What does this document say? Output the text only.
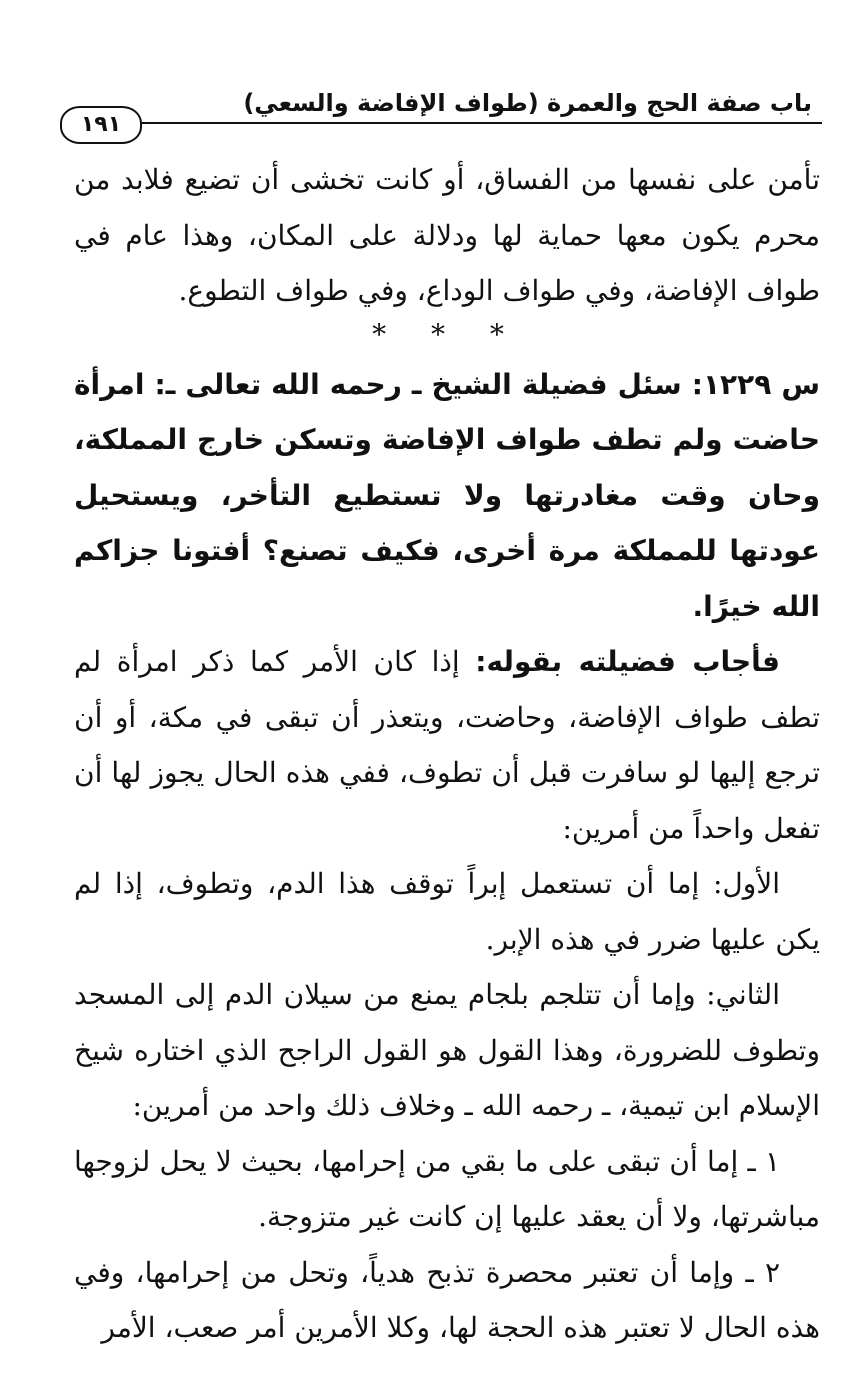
باب صفة الحج والعمرة (طواف الإفاضة والسعي)
١٩١

تأمن على نفسها من الفساق، أو كانت تخشى أن تضيع فلابد من محرم يكون معها حماية لها ودلالة على المكان، وهذا عام في طواف الإفاضة، وفي طواف الوداع، وفي طواف التطوع.

* * *

س ١٢٢٩: سئل فضيلة الشيخ ـ رحمه الله تعالى ـ: امرأة حاضت ولم تطف طواف الإفاضة وتسكن خارج المملكة، وحان وقت مغادرتها ولا تستطيع التأخر، ويستحيل عودتها للمملكة مرة أخرى، فكيف تصنع؟ أفتونا جزاكم الله خيرًا.

فأجاب فضيلته بقوله: إذا كان الأمر كما ذكر امرأة لم تطف طواف الإفاضة، وحاضت، ويتعذر أن تبقى في مكة، أو أن ترجع إليها لو سافرت قبل أن تطوف، ففي هذه الحال يجوز لها أن تفعل واحداً من أمرين:

الأول: إما أن تستعمل إبراً توقف هذا الدم، وتطوف، إذا لم يكن عليها ضرر في هذه الإبر.

الثاني: وإما أن تتلجم بلجام يمنع من سيلان الدم إلى المسجد وتطوف للضرورة، وهذا القول هو القول الراجح الذي اختاره شيخ الإسلام ابن تيمية، ـ رحمه الله ـ وخلاف ذلك واحد من أمرين:

١ ـ إما أن تبقى على ما بقي من إحرامها، بحيث لا يحل لزوجها مباشرتها، ولا أن يعقد عليها إن كانت غير متزوجة.

٢ ـ وإما أن تعتبر محصرة تذبح هدياً، وتحل من إحرامها، وفي هذه الحال لا تعتبر هذه الحجة لها، وكلا الأمرين أمر صعب، الأمر
